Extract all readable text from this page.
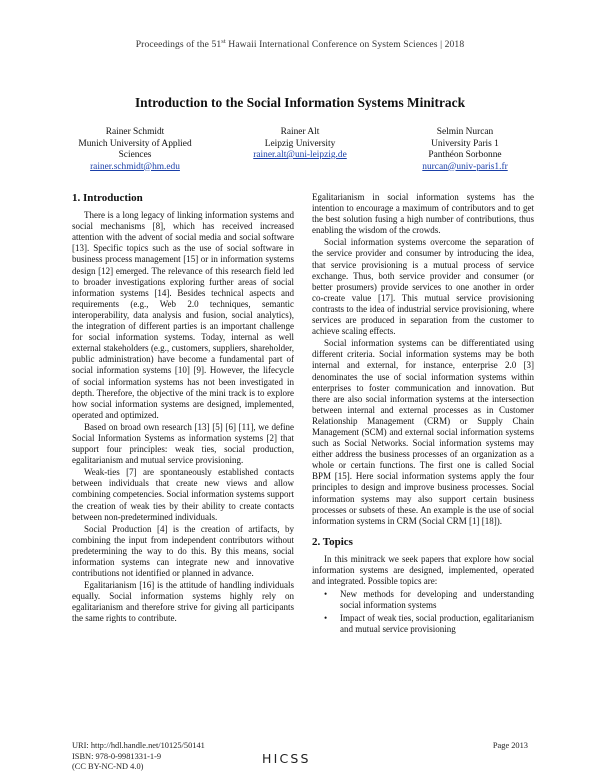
Proceedings of the 51st Hawaii International Conference on System Sciences | 2018
Introduction to the Social Information Systems Minitrack
Rainer Schmidt
Munich University of Applied
Sciences
rainer.schmidt@hm.edu
Rainer Alt
Leipzig University
rainer.alt@uni-leipzig.de
Selmin Nurcan
University Paris 1
Panthéon Sorbonne
nurcan@univ-paris1.fr
1. Introduction

There is a long legacy of linking information systems and social mechanisms [8], which has received increased attention with the advent of social media and social software [13]. Specific topics such as the use of social software in business process management [15] or in information systems design [12] emerged. The relevance of this research field led to broader investigations exploring further areas of social information systems [14]. Besides technical aspects and requirements (e.g., Web 2.0 techniques, semantic interoperability, data analysis and fusion, social analytics), the integration of different parties is an important challenge for social information systems. Today, internal as well external stakeholders (e.g., customers, suppliers, shareholder, public administration) have become a fundamental part of social information systems [10] [9]. However, the lifecycle of social information systems has not been investigated in depth. Therefore, the objective of the mini track is to explore how social information systems are designed, implemented, operated and optimized.

Based on broad own research [13] [5] [6] [11], we define Social Information Systems as information systems [2] that support four principles: weak ties, social production, egalitarianism and mutual service provisioning.

Weak-ties [7] are spontaneously established contacts between individuals that create new views and allow combining competencies. Social information systems support the creation of weak ties by their ability to create contacts between non-predetermined individuals.

Social Production [4] is the creation of artifacts, by combining the input from independent contributors without predetermining the way to do this. By this means, social information systems can integrate new and innovative contributions not identified or planned in advance.

Egalitarianism [16] is the attitude of handling individuals equally. Social information systems highly rely on egalitarianism and therefore strive for giving all participants the same rights to contribute.

Egalitarianism in social information systems has the intention to encourage a maximum of contributors and to get the best solution fusing a high number of contributions, thus enabling the wisdom of the crowds.

Social information systems overcome the separation of the service provider and consumer by introducing the idea, that service provisioning is a mutual process of service exchange. Thus, both service provider and consumer (or better prosumers) provide services to one another in order co-create value [17]. This mutual service provisioning contrasts to the idea of industrial service provisioning, where services are produced in separation from the customer to achieve scaling effects.

Social information systems can be differentiated using different criteria. Social information systems may be both internal and external, for instance, enterprise 2.0 [3] denominates the use of social information systems within enterprises to foster communication and innovation. But there are also social information systems at the intersection between internal and external processes as in Customer Relationship Management (CRM) or Supply Chain Management (SCM) and external social information systems such as Social Networks. Social information systems may either address the business processes of an organization as a whole or certain functions. The first one is called Social BPM [15]. Here social information systems apply the four principles to design and improve business processes. Social information systems may also support certain business processes or subsets of these. An example is the use of social information systems in CRM (Social CRM [1] [18]).

2. Topics

In this minitrack we seek papers that explore how social information systems are designed, implemented, operated and integrated. Possible topics are:

• New methods for developing and understanding social information systems
• Impact of weak ties, social production, egalitarianism and mutual service provisioning
URI: http://hdl.handle.net/10125/50141
ISBN: 978-0-9981331-1-9
(CC BY-NC-ND 4.0)
Page 2013
HICSS
